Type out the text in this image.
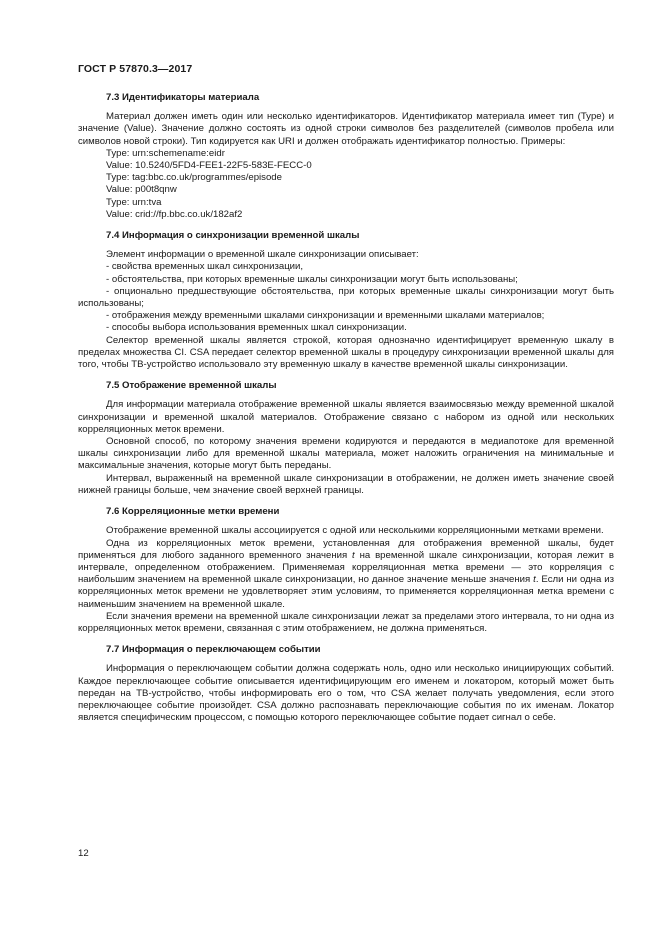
ГОСТ Р 57870.3—2017
7.3 Идентификаторы материала

Материал должен иметь один или несколько идентификаторов. Идентификатор материала имеет тип (Type) и значение (Value). Значение должно состоять из одной строки символов без разделителей (символов пробела или символов новой строки). Тип кодируется как URI и должен отображать идентификатор полностью. Примеры:

Type: urn:schemename:eidr
Value: 10.5240/5FD4-FEE1-22F5-583E-FECC-0
Type: tag:bbc.co.uk/programmes/episode
Value: p00t8qnw
Type: urn:tva
Value: crid://fp.bbc.co.uk/182af2
7.4 Информация о синхронизации временной шкалы

Элемент информации о временной шкале синхронизации описывает:

- свойства временных шкал синхронизации,

- обстоятельства, при которых временные шкалы синхронизации могут быть использованы;

- опционально предшествующие обстоятельства, при которых временные шкалы синхронизации могут быть использованы;

- отображения между временными шкалами синхронизации и временными шкалами материалов;

- способы выбора использования временных шкал синхронизации.

Селектор временной шкалы является строкой, которая однозначно идентифицирует временную шкалу в пределах множества CI. CSA передает селектор временной шкалы в процедуру синхронизации временной шкалы для того, чтобы ТВ-устройство использовало эту временную шкалу в качестве временной шкалы синхронизации.

7.5 Отображение временной шкалы

Для информации материала отображение временной шкалы является взаимосвязью между временной шкалой синхронизации и временной шкалой материалов. Отображение связано с набором из одной или нескольких корреляционных меток времени.

Основной способ, по которому значения времени кодируются и передаются в медиапотоке для временной шкалы синхронизации либо для временной шкалы материала, может наложить ограничения на минимальные и максимальные значения, которые могут быть переданы.

Интервал, выраженный на временной шкале синхронизации в отображении, не должен иметь значение своей нижней границы больше, чем значение своей верхней границы.

7.6 Корреляционные метки времени

Отображение временной шкалы ассоциируется с одной или несколькими корреляционными метками времени.

Одна из корреляционных меток времени, установленная для отображения временной шкалы, будет применяться для любого заданного временного значения t на временной шкале синхронизации, которая лежит в интервале, определенном отображением. Применяемая корреляционная метка времени — это корреляция с наибольшим значением на временной шкале синхронизации, но данное значение меньше значения t. Если ни одна из корреляционных меток времени не удовлетворяет этим условиям, то применяется корреляционная метка времени с наименьшим значением на временной шкале.

Если значения времени на временной шкале синхронизации лежат за пределами этого интервала, то ни одна из корреляционных меток времени, связанная с этим отображением, не должна применяться.

7.7 Информация о переключающем событии

Информация о переключающем событии должна содержать ноль, одно или несколько инициирующих событий. Каждое переключающее событие описывается идентифицирующим его именем и локатором, который может быть передан на ТВ-устройство, чтобы информировать его о том, что CSA желает получать уведомления, если этого переключающее событие произойдет. CSA должно распознавать переключающие события по их именам. Локатор является специфическим процессом, с помощью которого переключающее событие подает сигнал о себе.

12
